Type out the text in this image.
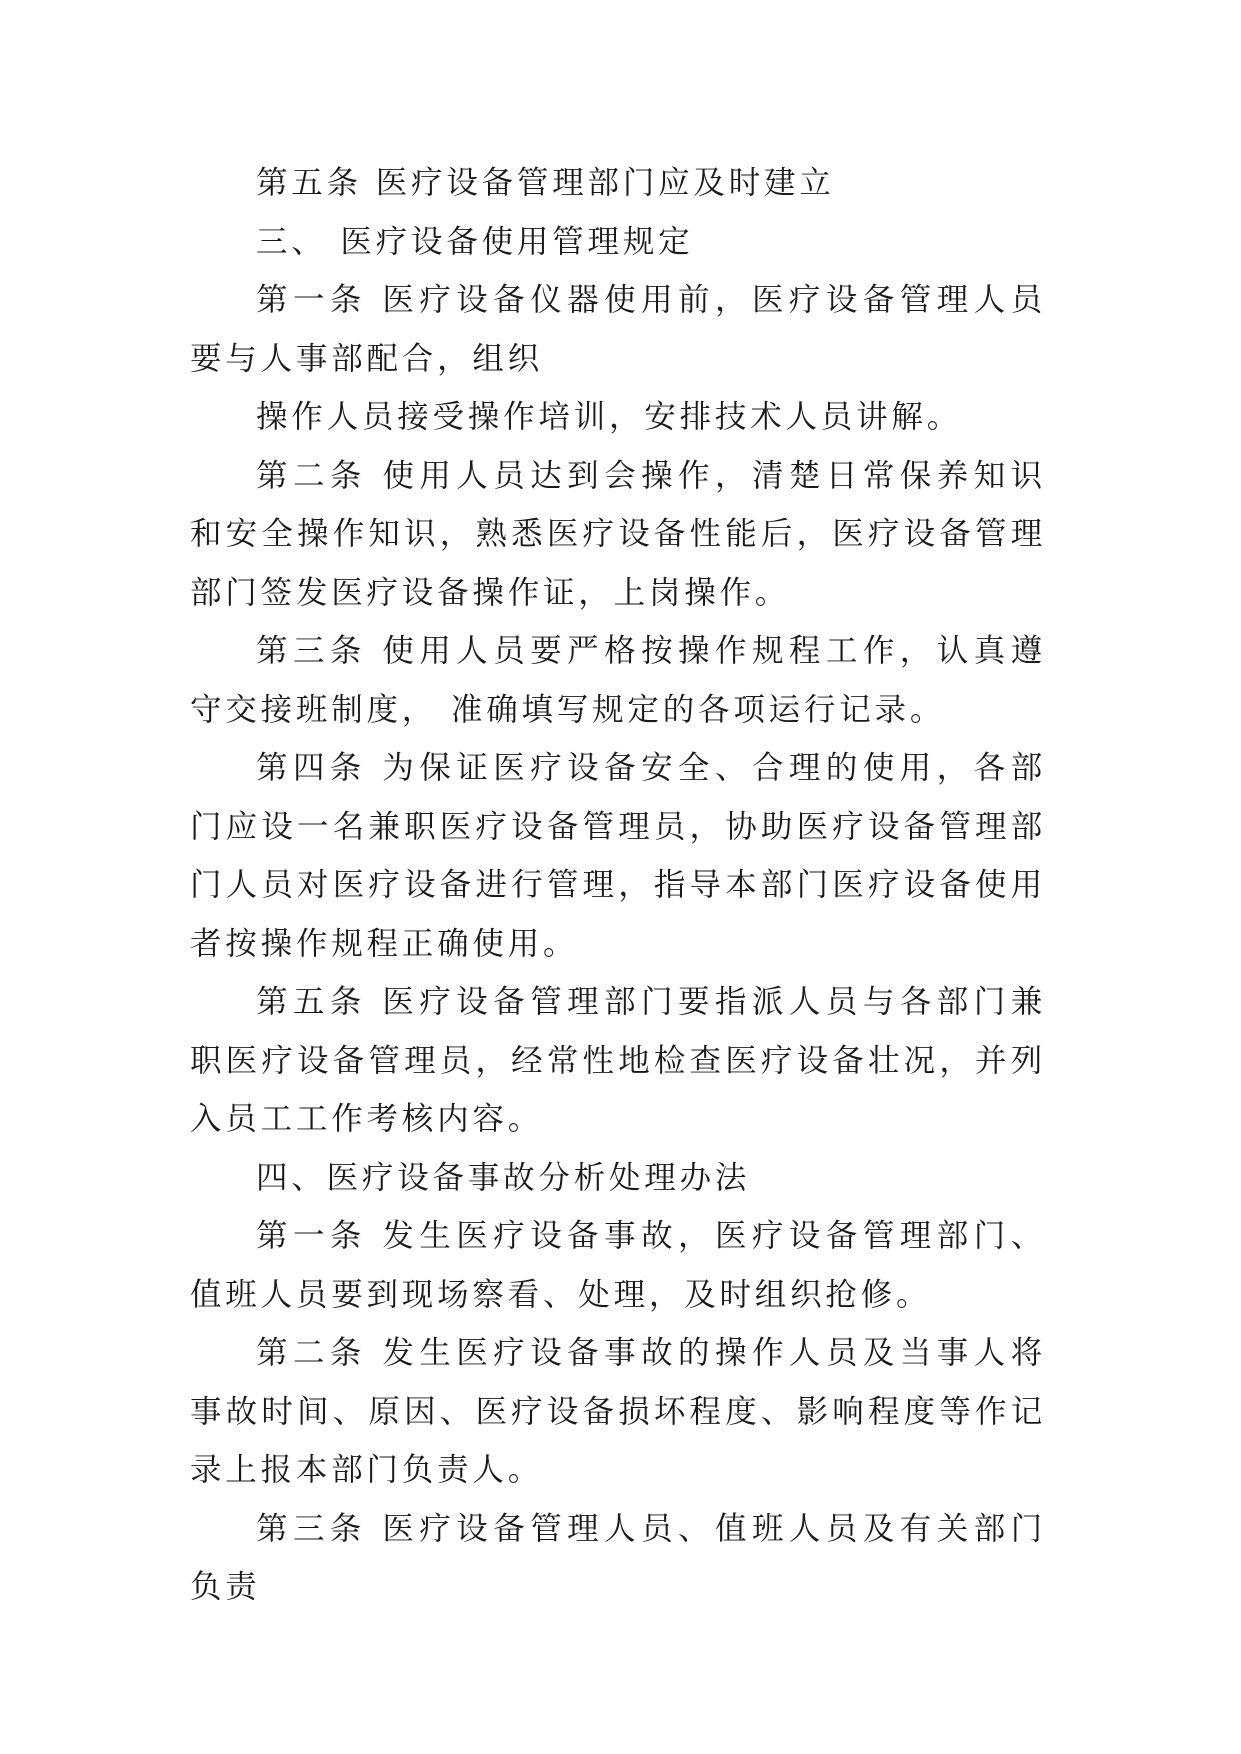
第五条 医疗设备管理部门应及时建立

三、 医疗设备使用管理规定

第一条 医疗设备仪器使用前，医疗设备管理人员要与人事部配合，组织

操作人员接受操作培训，安排技术人员讲解。

第二条 使用人员达到会操作，清楚日常保养知识和安全操作知识，熟悉医疗设备性能后，医疗设备管理部门签发医疗设备操作证，上岗操作。

第三条 使用人员要严格按操作规程工作，认真遵守交接班制度， 准确填写规定的各项运行记录。

第四条 为保证医疗设备安全、合理的使用，各部门应设一名兼职医疗设备管理员，协助医疗设备管理部门人员对医疗设备进行管理，指导本部门医疗设备使用者按操作规程正确使用。

第五条 医疗设备管理部门要指派人员与各部门兼职医疗设备管理员，经常性地检查医疗设备壮况，并列入员工工作考核内容。

四、医疗设备事故分析处理办法

第一条 发生医疗设备事故，医疗设备管理部门、值班人员要到现场察看、处理，及时组织抢修。

第二条 发生医疗设备事故的操作人员及当事人将事故时间、原因、医疗设备损坏程度、影响程度等作记录上报本部门负责人。

第三条 医疗设备管理人员、值班人员及有关部门负责
